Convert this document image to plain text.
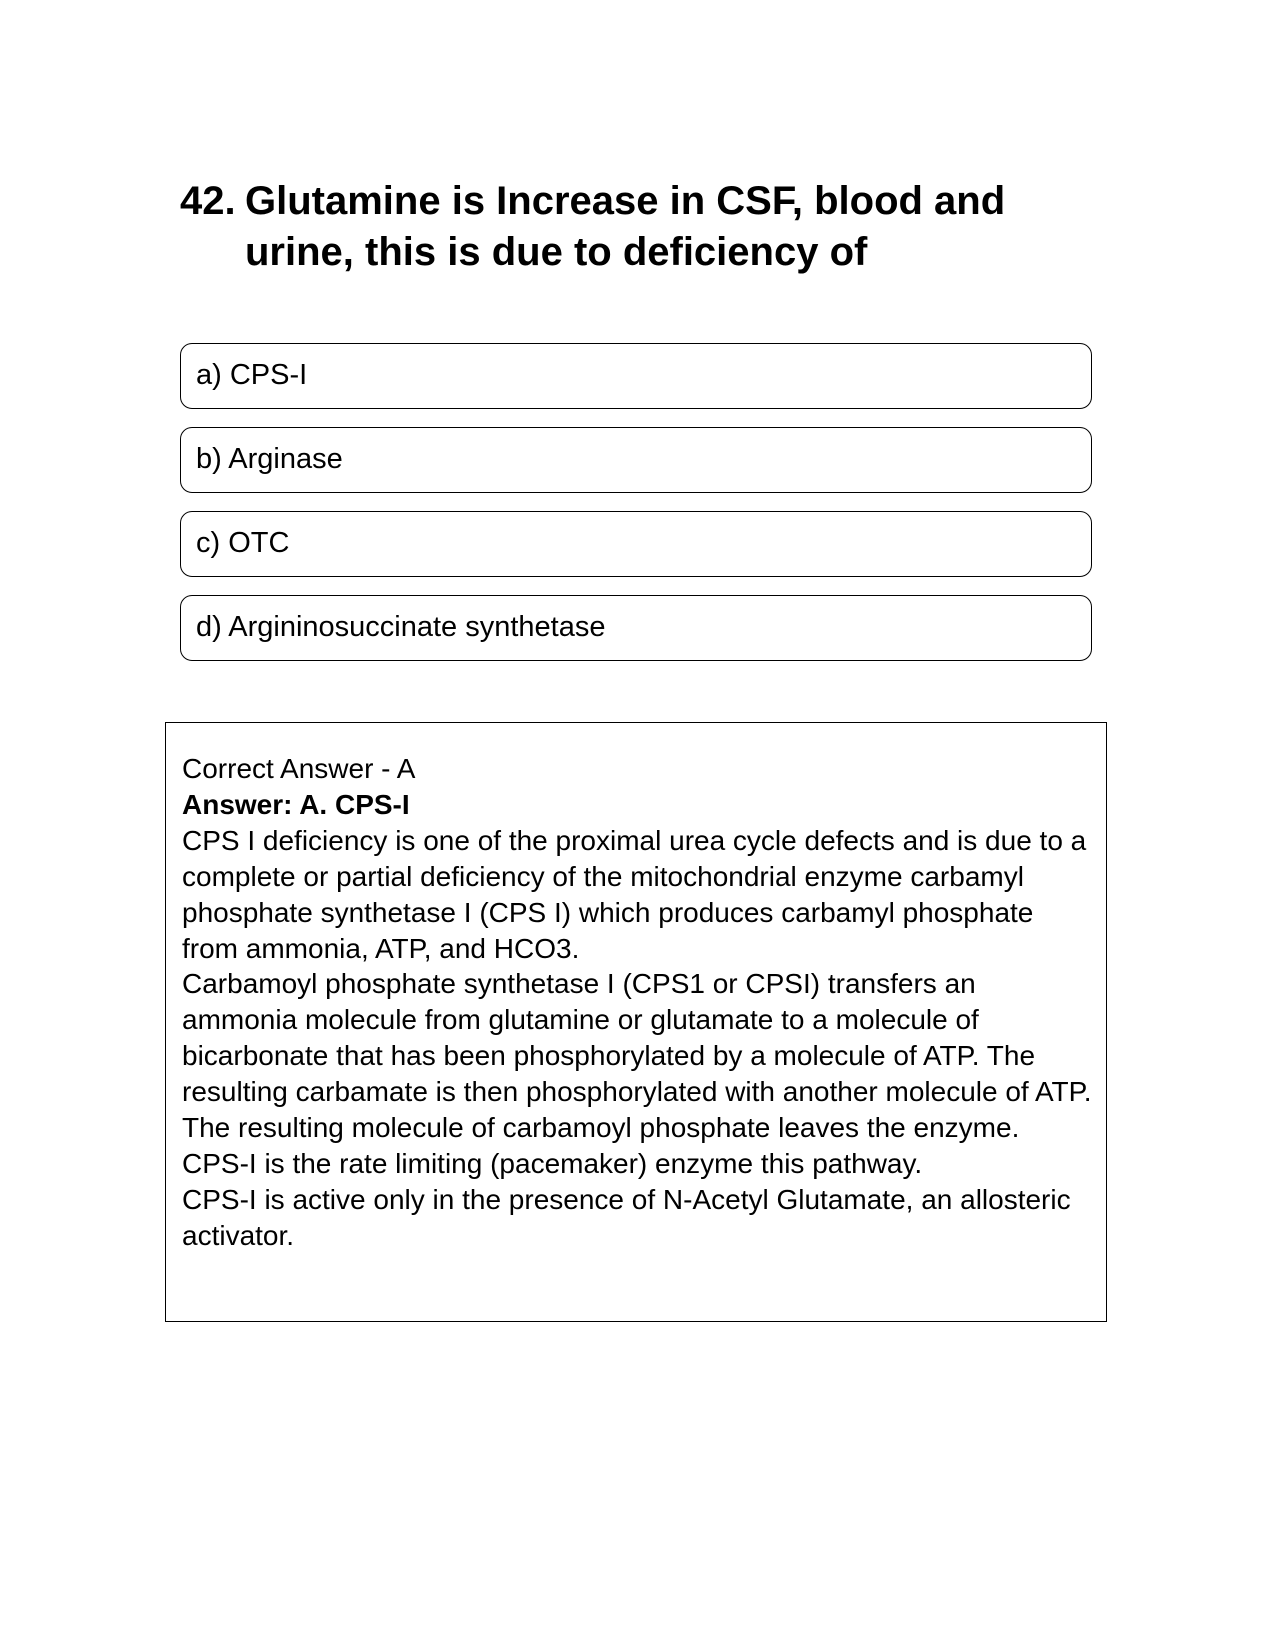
42. Glutamine is Increase in CSF, blood and
urine, this is due to deficiency of
a) CPS-I
b) Arginase
c) OTC
d) Argininosuccinate synthetase
Correct Answer - A
Answer: A. CPS-I
CPS I deficiency is one of the proximal urea cycle defects and is due to a complete or partial deficiency of the mitochondrial enzyme carbamyl phosphate synthetase I (CPS I) which produces carbamyl phosphate from ammonia, ATP, and HCO3.
Carbamoyl phosphate synthetase I (CPS1 or CPSI) transfers an ammonia molecule from glutamine or glutamate to a molecule of bicarbonate that has been phosphorylated by a molecule of ATP. The resulting carbamate is then phosphorylated with another molecule of ATP. The resulting molecule of carbamoyl phosphate leaves the enzyme.
CPS-I is the rate limiting (pacemaker) enzyme this pathway.
CPS-I is active only in the presence of N-Acetyl Glutamate, an allosteric activator.
